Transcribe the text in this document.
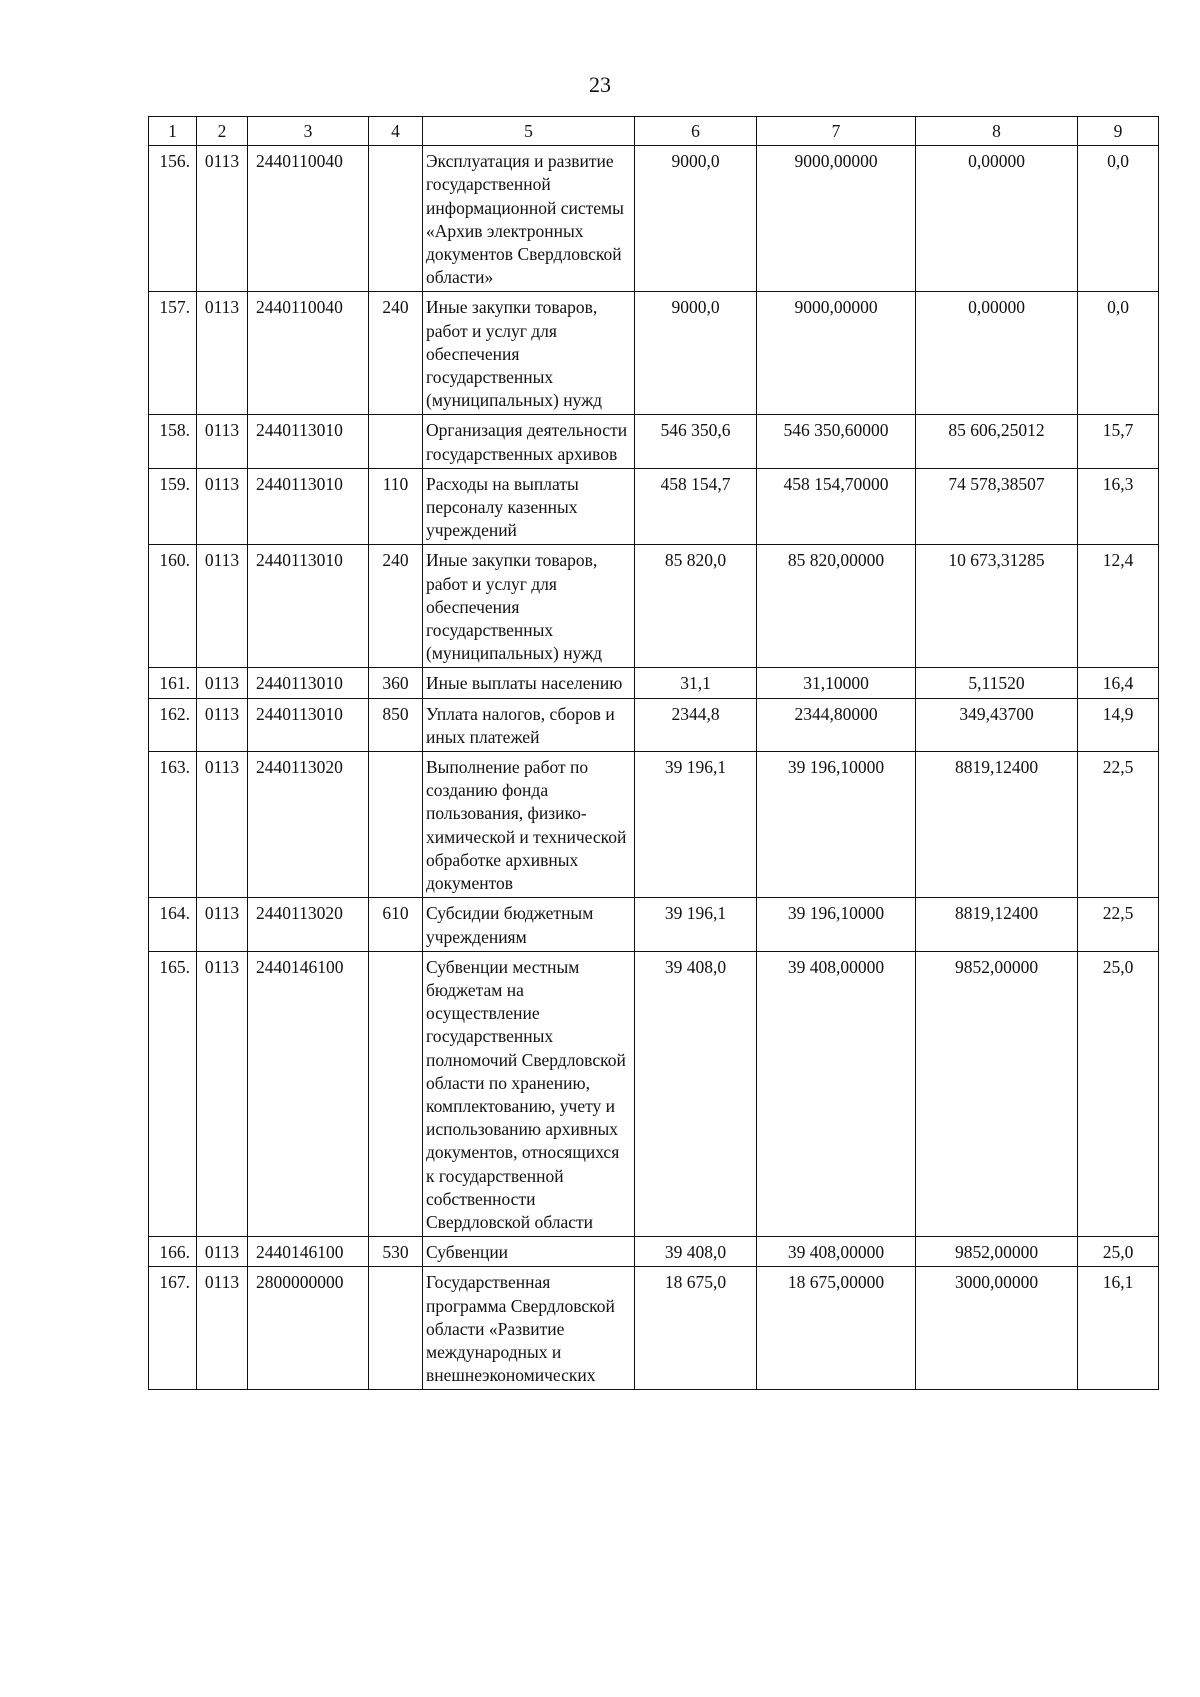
23
1	2	3	4	5	6	7	8	9
156.	0113	2440110040		Эксплуатация и развитие государственной информационной системы «Архив электронных документов Свердловской области»	9000,0	9000,00000	0,00000	0,0
157.	0113	2440110040	240	Иные закупки товаров, работ и услуг для обеспечения государственных (муниципальных) нужд	9000,0	9000,00000	0,00000	0,0
158.	0113	2440113010		Организация деятельности государственных архивов	546 350,6	546 350,60000	85 606,25012	15,7
159.	0113	2440113010	110	Расходы на выплаты персоналу казенных учреждений	458 154,7	458 154,70000	74 578,38507	16,3
160.	0113	2440113010	240	Иные закупки товаров, работ и услуг для обеспечения государственных (муниципальных) нужд	85 820,0	85 820,00000	10 673,31285	12,4
161.	0113	2440113010	360	Иные выплаты населению	31,1	31,10000	5,11520	16,4
162.	0113	2440113010	850	Уплата налогов, сборов и иных платежей	2344,8	2344,80000	349,43700	14,9
163.	0113	2440113020		Выполнение работ по созданию фонда пользования, физико-химической и технической обработке архивных документов	39 196,1	39 196,10000	8819,12400	22,5
164.	0113	2440113020	610	Субсидии бюджетным учреждениям	39 196,1	39 196,10000	8819,12400	22,5
165.	0113	2440146100		Субвенции местным бюджетам на осуществление государственных полномочий Свердловской области по хранению, комплектованию, учету и использованию архивных документов, относящихся к государственной собственности Свердловской области	39 408,0	39 408,00000	9852,00000	25,0
166.	0113	2440146100	530	Субвенции	39 408,0	39 408,00000	9852,00000	25,0
167.	0113	2800000000		Государственная программа Свердловской области «Развитие международных и внешнеэкономических	18 675,0	18 675,00000	3000,00000	16,1
